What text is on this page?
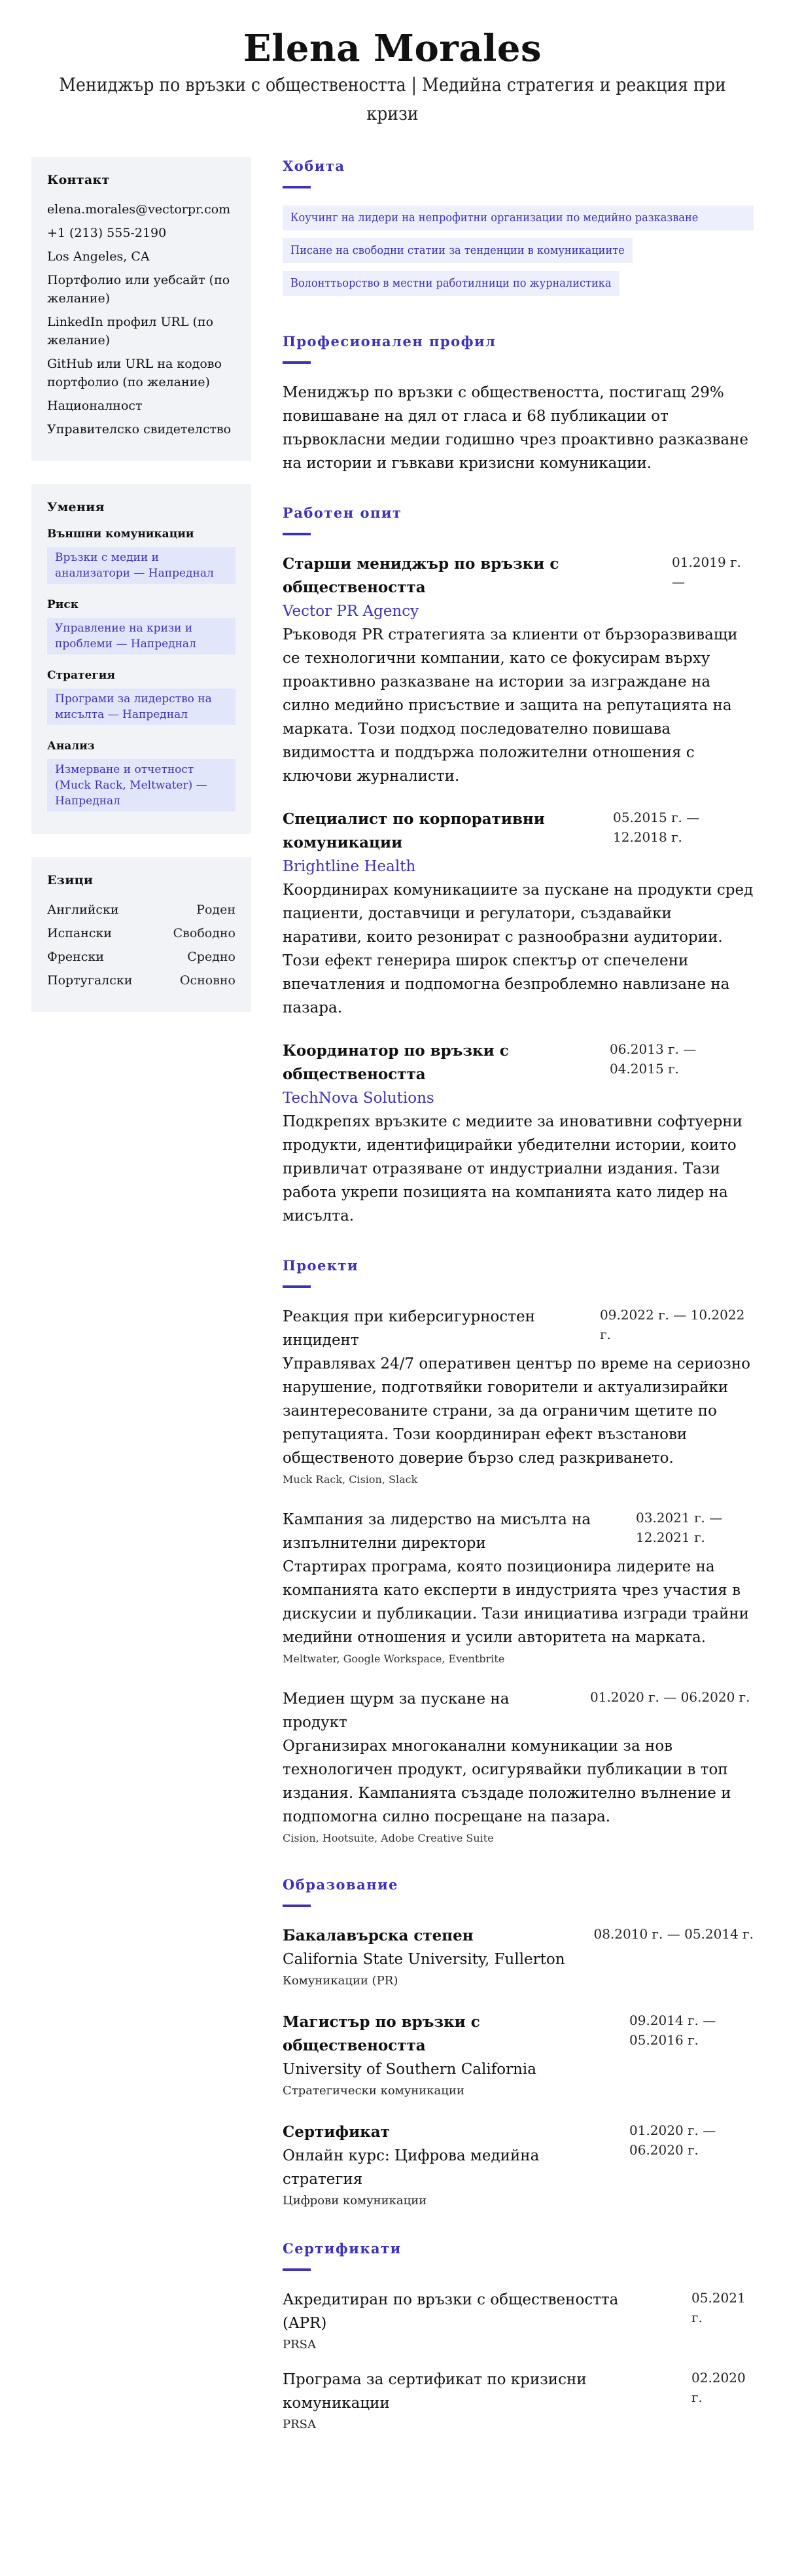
Elena Morales
Мениджър по връзки с обществеността | Медийна стратегия и реакция при кризи
Контакт
elena.morales@vectorpr.com
+1 (213) 555-2190
Los Angeles, CA
Портфолио или уебсайт (по желание)
LinkedIn профил URL (по желание)
GitHub или URL на кодово портфолио (по желание)
Националност
Управителско свидетелство
Умения
Външни комуникации
Връзки с медии и анализатори — Напреднал
Риск
Управление на кризи и проблеми — Напреднал
Стратегия
Програми за лидерство на мисълта — Напреднал
Анализ
Измерване и отчетност (Muck Rack, Meltwater) — Напреднал
Езици
Английски	Роден
Испански	Свободно
Френски	Средно
Португалски	Основно
Хобита
Коучинг на лидери на непрофитни организации по медийно разказване
Писане на свободни статии за тенденции в комуникациите
Волонттьорство в местни работилници по журналистика
Професионален профил

Мениджър по връзки с обществеността, постигащ 29% повишаване на дял от гласа и 68 публикации от първокласни медии годишно чрез проактивно разказване на истории и гъвкави кризисни комуникации.

Работен опит
Старши мениджър по връзки с обществеността
01.2019 г. —
Vector PR Agency

Ръководя PR стратегията за клиенти от бързоразвиващи се технологични компании, като се фокусирам върху проактивно разказване на истории за изграждане на силно медийно присъствие и защита на репутацията на марката. Този подход последователно повишава видимостта и поддържа положителни отношения с ключови журналисти.

Специалист по корпоративни комуникации
05.2015 г. — 12.2018 г.
Brightline Health

Координирах комуникациите за пускане на продукти сред пациенти, доставчици и регулатори, създавайки наративи, които резонират с разнообразни аудитории. Този ефект генерира широк спектър от спечелени впечатления и подпомогна безпроблемно навлизане на пазара.

Координатор по връзки с обществеността
06.2013 г. — 04.2015 г.
TechNova Solutions

Подкрепях връзките с медиите за иновативни софтуерни продукти, идентифицирайки убедителни истории, които привличат отразяване от индустриални издания. Тази работа укрепи позицията на компанията като лидер на мисълта.

Проекти
Реакция при киберсигурностен инцидент
09.2022 г. — 10.2022 г.

Управлявах 24/7 оперативен център по време на сериозно нарушение, подготвяйки говорители и актуализирайки заинтересованите страни, за да ограничим щетите по репутацията. Този координиран ефект възстанови общественото доверие бързо след разкриването.

Muck Rack, Cision, Slack
Кампания за лидерство на мисълта на изпълнителни директори
03.2021 г. — 12.2021 г.

Стартирах програма, която позиционира лидерите на компанията като експерти в индустрията чрез участия в дискусии и публикации. Тази инициатива изгради трайни медийни отношения и усили авторитета на марката.

Meltwater, Google Workspace, Eventbrite
Медиен щурм за пускане на продукт
01.2020 г. — 06.2020 г.

Организирах многоканални комуникации за нов технологичен продукт, осигурявайки публикации в топ издания. Кампанията създаде положително вълнение и подпомогна силно посрещане на пазара.

Cision, Hootsuite, Adobe Creative Suite
Образование
Бакалавърска степен
California State University, Fullerton
Комуникации (PR)
08.2010 г. — 05.2014 г.
Магистър по връзки с обществеността
University of Southern California
Стратегически комуникации
09.2014 г. — 05.2016 г.
Сертификат
Онлайн курс: Цифрова медийна стратегия
Цифрови комуникации
01.2020 г. — 06.2020 г.
Сертификати
Акредитиран по връзки с обществеността (APR)
PRSA
05.2021 г.
Програма за сертификат по кризисни комуникации
PRSA
02.2020 г.
